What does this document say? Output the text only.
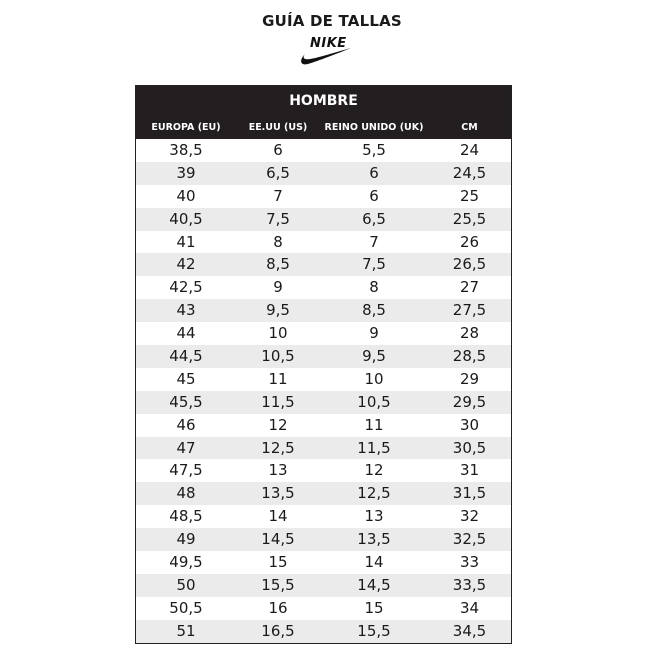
GUÍA DE TALLAS
NIKE
HOMBRE
EUROPA (EU)	EE.UU (US)	REINO UNIDO (UK)	CM
38,5	6	5,5	24
39	6,5	6	24,5
40	7	6	25
40,5	7,5	6,5	25,5
41	8	7	26
42	8,5	7,5	26,5
42,5	9	8	27
43	9,5	8,5	27,5
44	10	9	28
44,5	10,5	9,5	28,5
45	11	10	29
45,5	11,5	10,5	29,5
46	12	11	30
47	12,5	11,5	30,5
47,5	13	12	31
48	13,5	12,5	31,5
48,5	14	13	32
49	14,5	13,5	32,5
49,5	15	14	33
50	15,5	14,5	33,5
50,5	16	15	34
51	16,5	15,5	34,5
